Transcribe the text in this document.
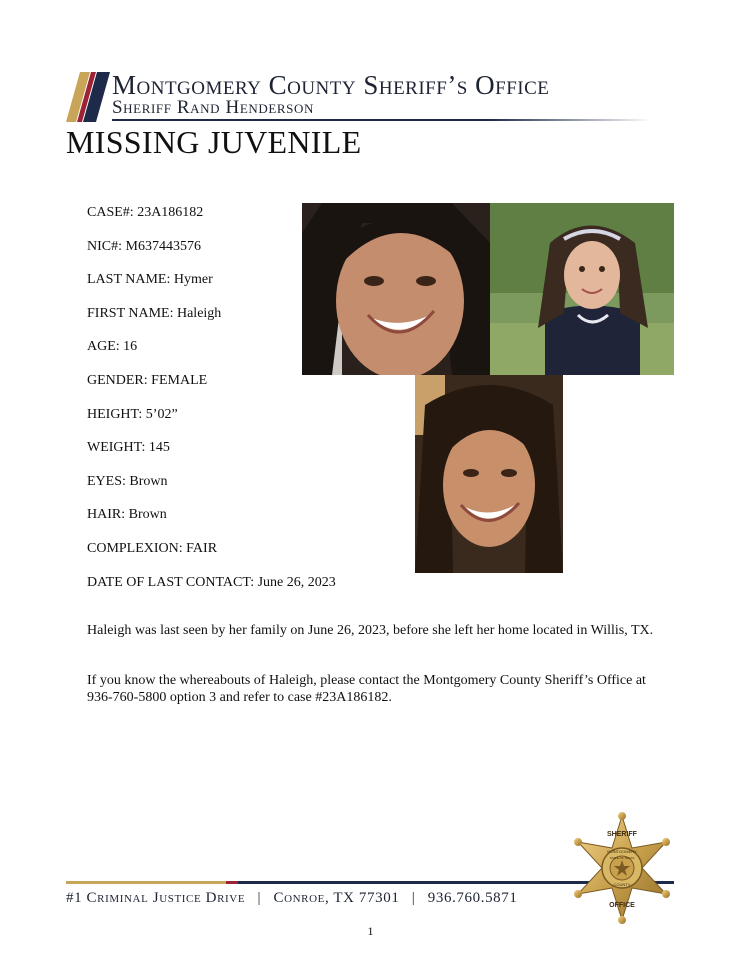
Montgomery County Sheriff’s Office
Sheriff Rand Henderson
MISSING JUVENILE
CASE#: 23A186182
NIC#: M637443576
LAST NAME: Hymer
FIRST NAME: Haleigh
AGE: 16
GENDER: FEMALE
HEIGHT: 5’02”
WEIGHT: 145
EYES: Brown
HAIR: Brown
COMPLEXION: FAIR
DATE OF LAST CONTACT: June 26, 2023
Haleigh was last seen by her family on June 26, 2023, before she left her home located in Willis, TX.
If you know the whereabouts of Haleigh, please contact the Montgomery County Sheriff’s Office at 936-760-5800 option 3 and refer to case #23A186182.
#1 Criminal Justice Drive | Conroe, TX 77301 | 936.760.5871
SHERIFF
OFFICE
MONTGOMERY
COUNTY
STATE OF TEXAS
1
